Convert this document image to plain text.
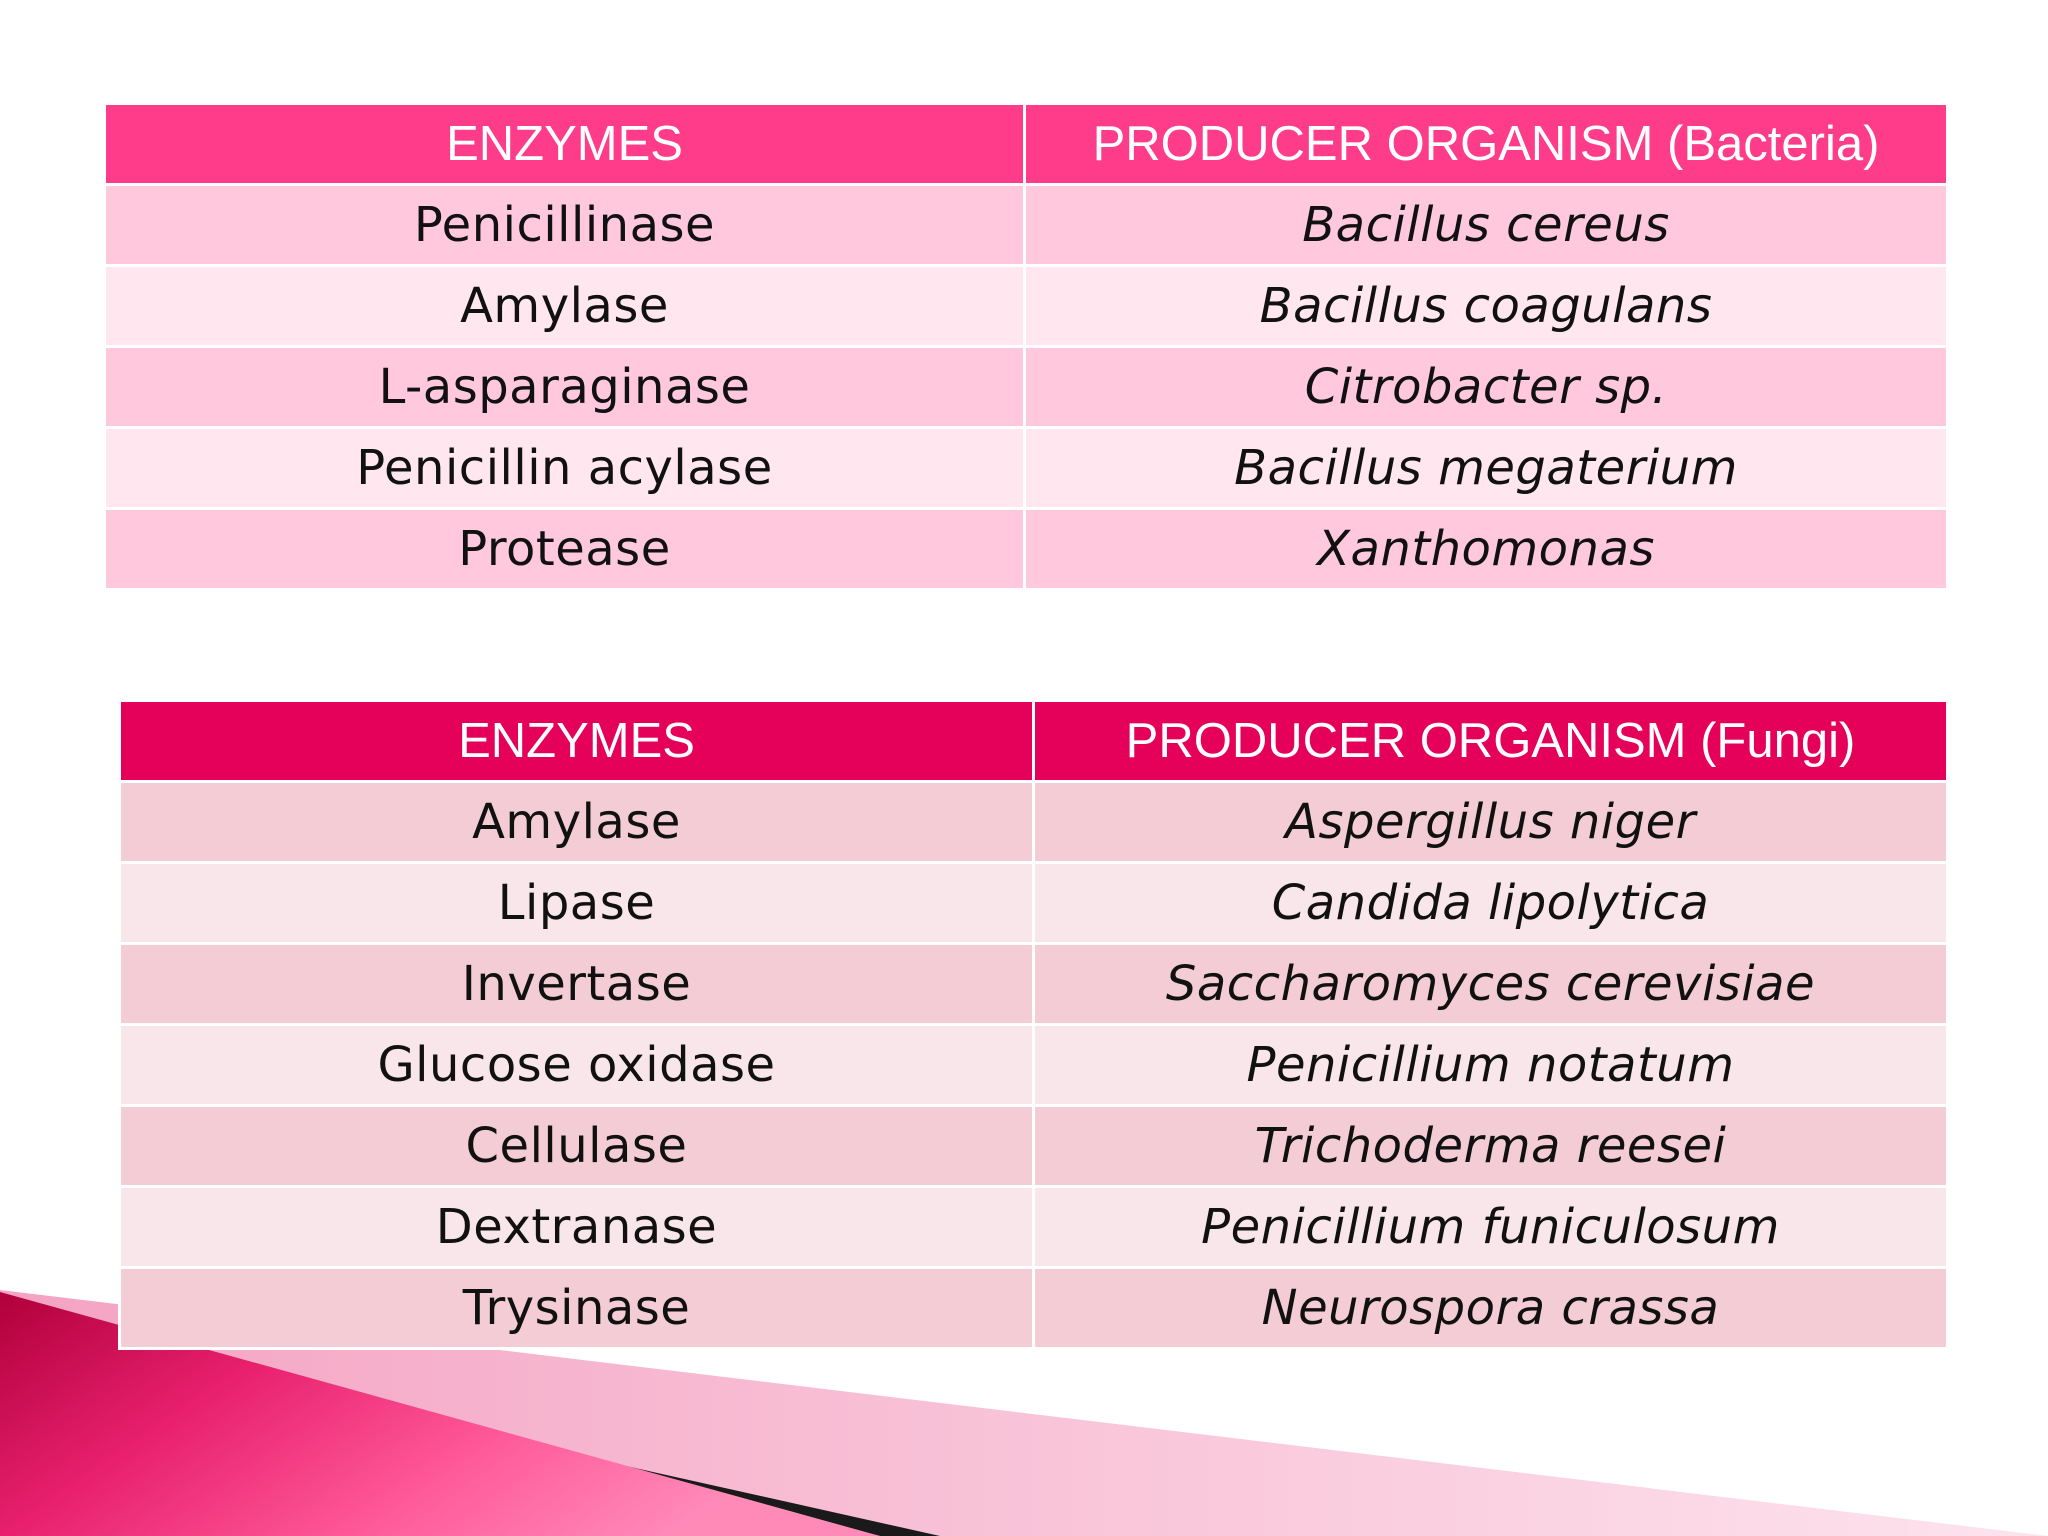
ENZYMES	PRODUCER ORGANISM (Bacteria)
Penicillinase	Bacillus cereus
Amylase	Bacillus coagulans
L-asparaginase	Citrobacter sp.
Penicillin acylase	Bacillus megaterium
Protease	Xanthomonas
ENZYMES	PRODUCER ORGANISM (Fungi)
Amylase	Aspergillus niger
Lipase	Candida lipolytica
Invertase	Saccharomyces cerevisiae
Glucose oxidase	Penicillium notatum
Cellulase	Trichoderma reesei
Dextranase	Penicillium funiculosum
Trysinase	Neurospora crassa
